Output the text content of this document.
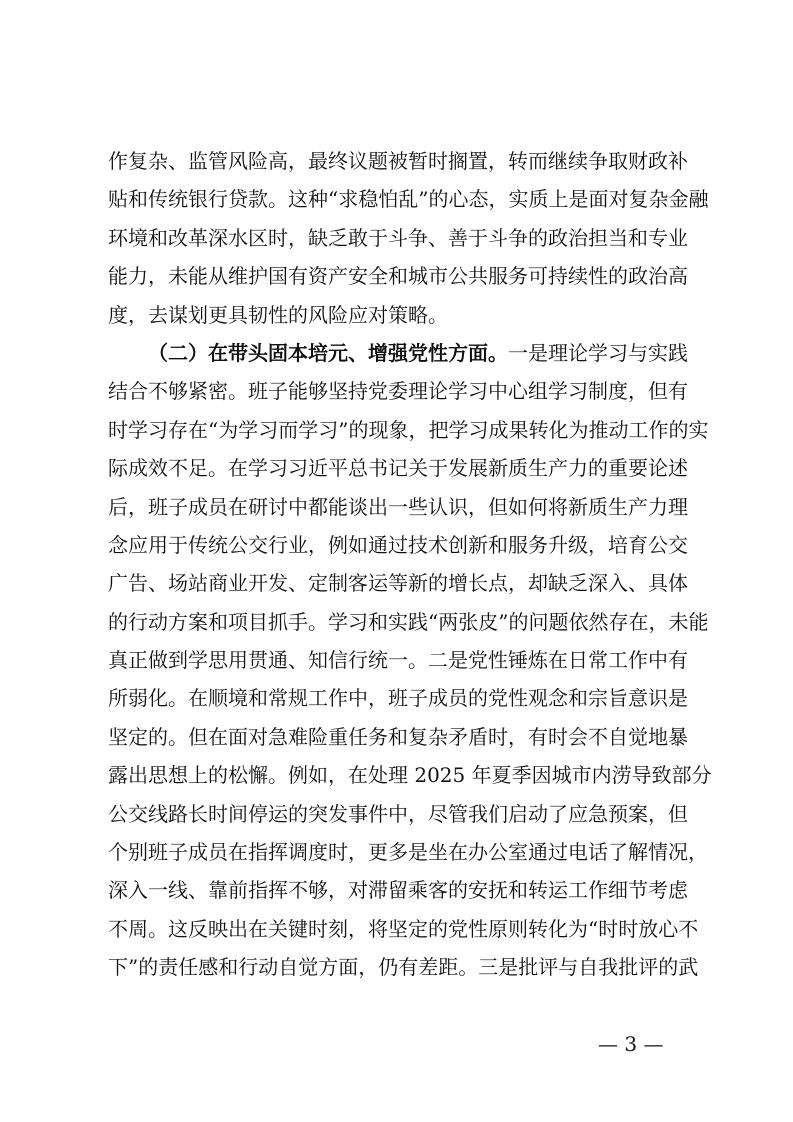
作复杂、监管风险高，最终议题被暂时搁置，转而继续争取财政补
贴和传统银行贷款。这种“求稳怕乱”的心态，实质上是面对复杂金融
环境和改革深水区时，缺乏敢于斗争、善于斗争的政治担当和专业
能力，未能从维护国有资产安全和城市公共服务可持续性的政治高
度，去谋划更具韧性的风险应对策略。
（二）在带头固本培元、增强党性方面。一是理论学习与实践
结合不够紧密。班子能够坚持党委理论学习中心组学习制度，但有
时学习存在“为学习而学习”的现象，把学习成果转化为推动工作的实
际成效不足。在学习习近平总书记关于发展新质生产力的重要论述
后，班子成员在研讨中都能谈出一些认识，但如何将新质生产力理
念应用于传统公交行业，例如通过技术创新和服务升级，培育公交
广告、场站商业开发、定制客运等新的增长点，却缺乏深入、具体
的行动方案和项目抓手。学习和实践“两张皮”的问题依然存在，未能
真正做到学思用贯通、知信行统一。二是党性锤炼在日常工作中有
所弱化。在顺境和常规工作中，班子成员的党性观念和宗旨意识是
坚定的。但在面对急难险重任务和复杂矛盾时，有时会不自觉地暴
露出思想上的松懈。例如，在处理 2025 年夏季因城市内涝导致部分
公交线路长时间停运的突发事件中，尽管我们启动了应急预案，但
个别班子成员在指挥调度时，更多是坐在办公室通过电话了解情况，
深入一线、靠前指挥不够，对滞留乘客的安抚和转运工作细节考虑
不周。这反映出在关键时刻，将坚定的党性原则转化为“时时放心不
下”的责任感和行动自觉方面，仍有差距。三是批评与自我批评的武
— 3 —
